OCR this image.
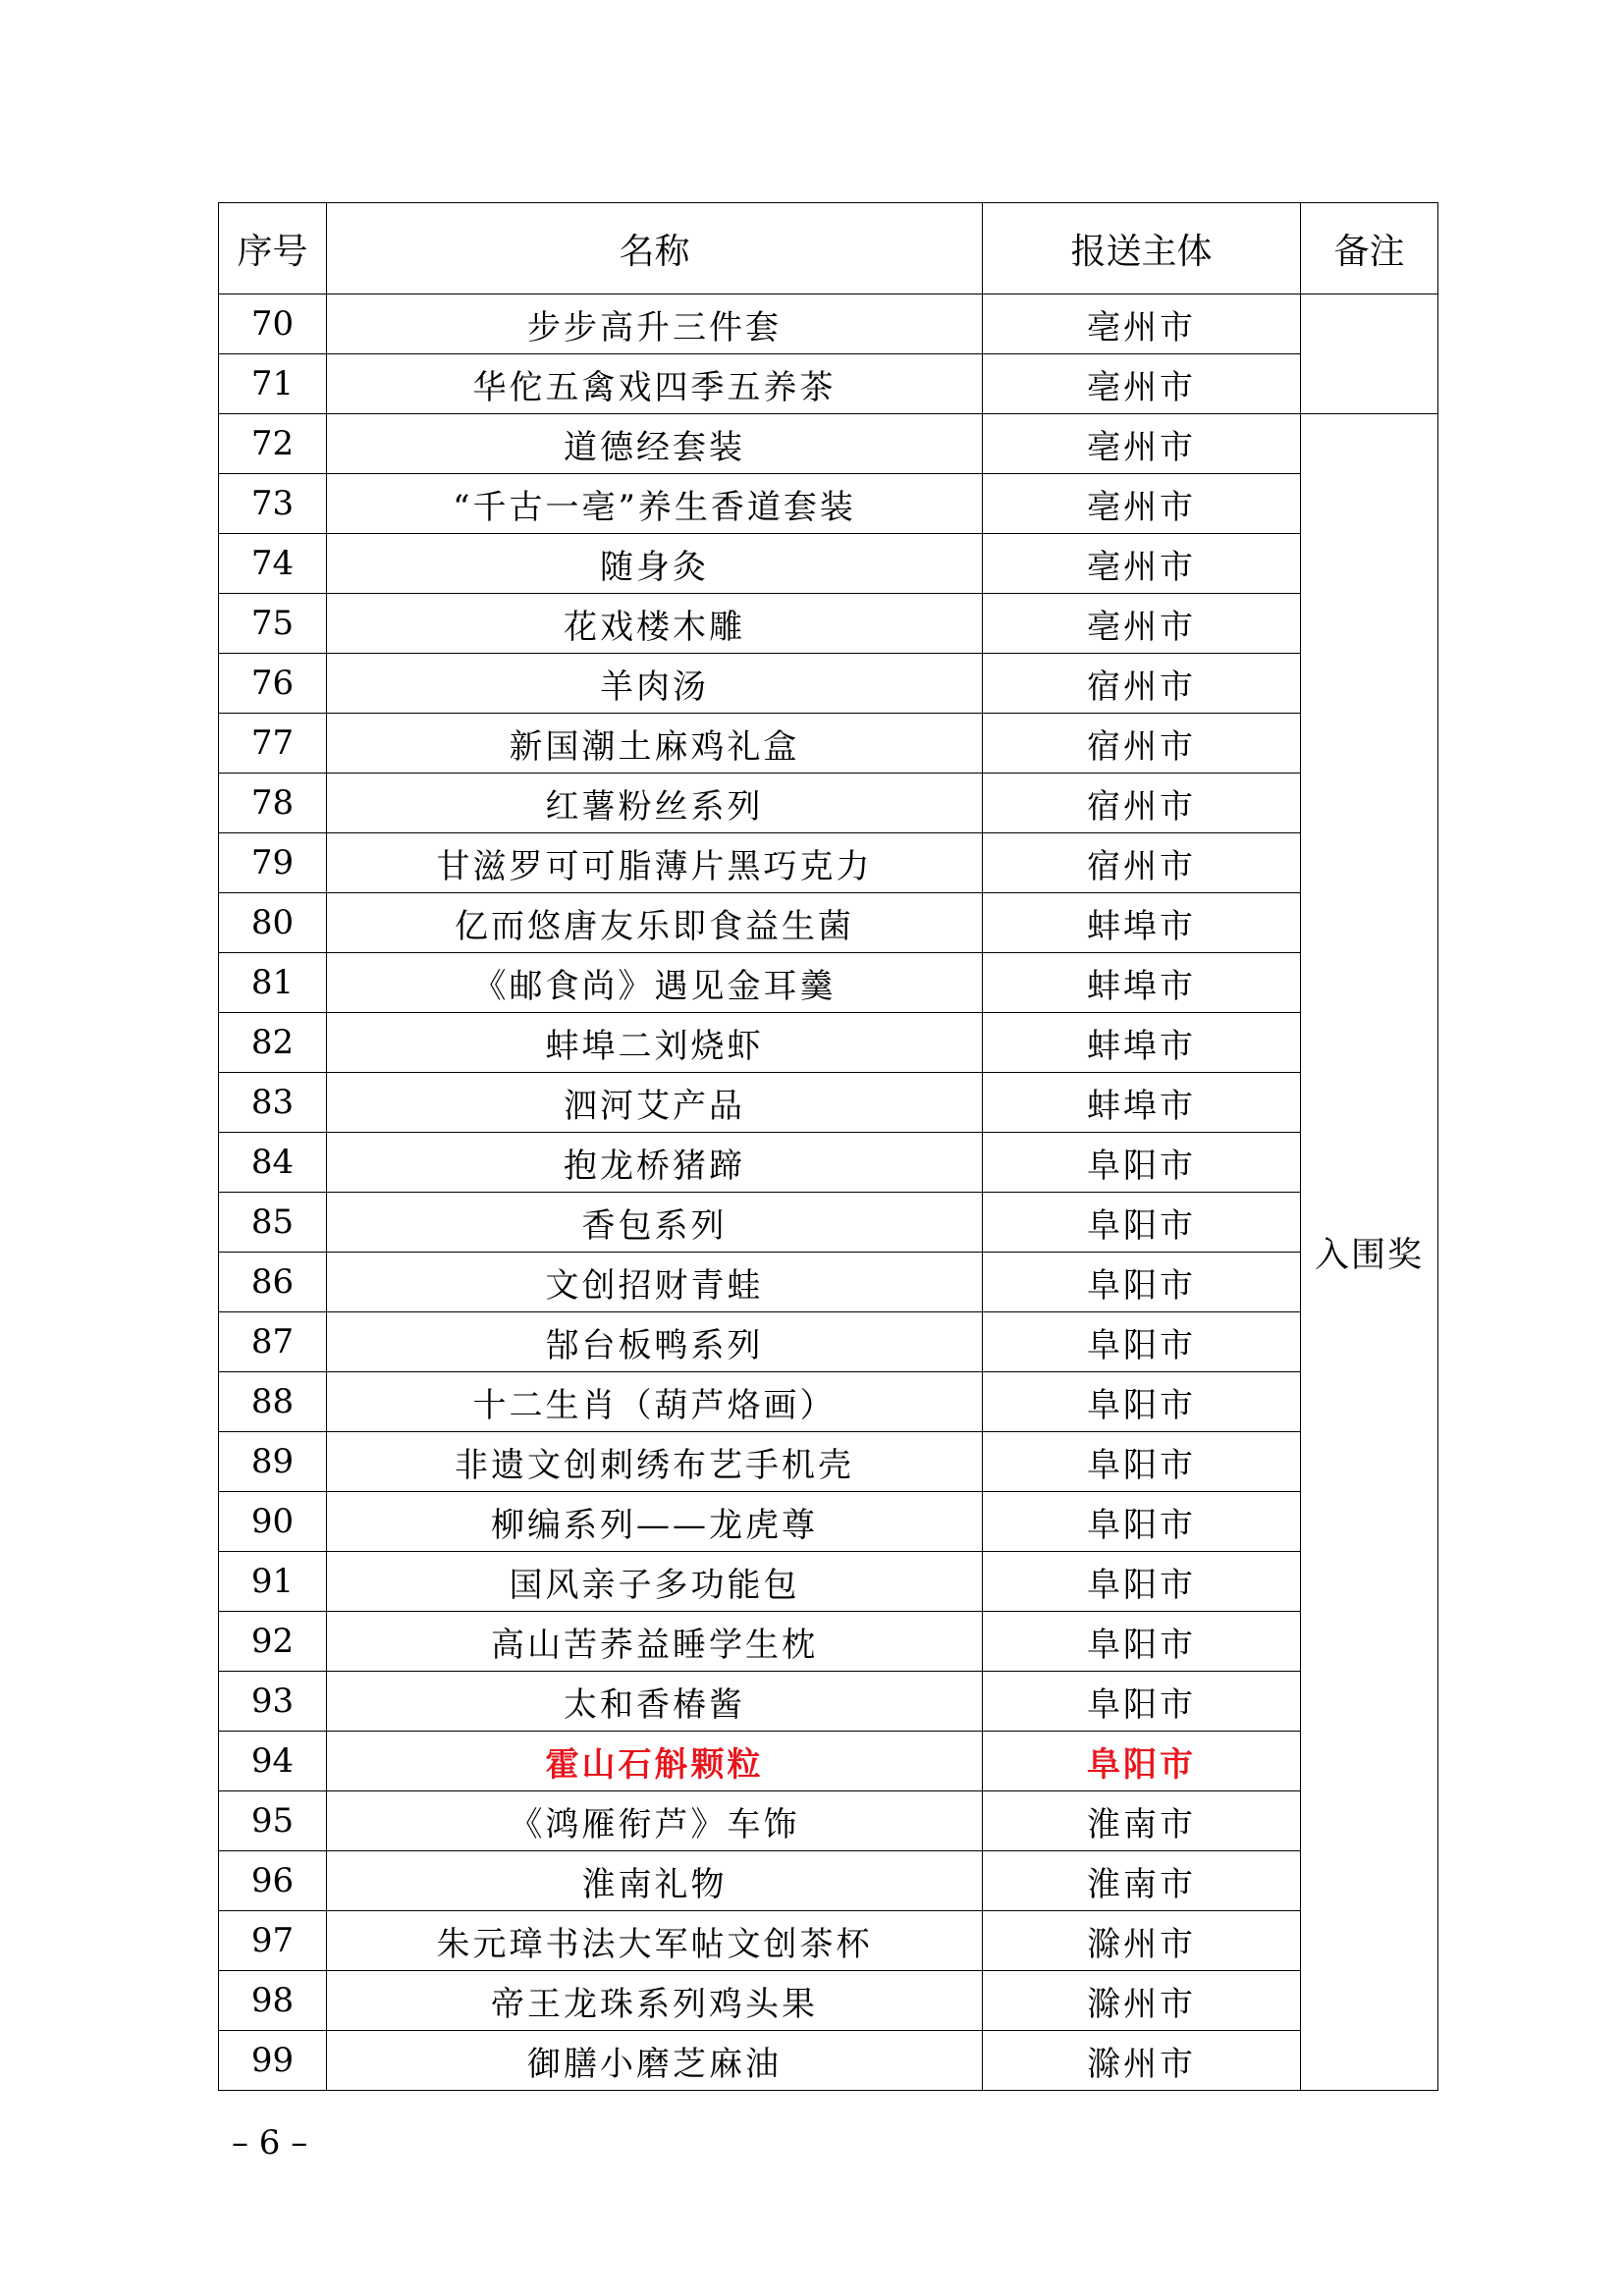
序号	名称	报送主体	备注
70	步步高升三件套	亳州市	
71	华佗五禽戏四季五养茶	亳州市	
72	道德经套装	亳州市	入围奖
73	“千古一亳”养生香道套装	亳州市	
74	随身灸	亳州市	
75	花戏楼木雕	亳州市	
76	羊肉汤	宿州市	
77	新国潮土麻鸡礼盒	宿州市	
78	红薯粉丝系列	宿州市	
79	甘滋罗可可脂薄片黑巧克力	宿州市	
80	亿而悠唐友乐即食益生菌	蚌埠市	
81	《邮食尚》遇见金耳羹	蚌埠市	
82	蚌埠二刘烧虾	蚌埠市	
83	泗河艾产品	蚌埠市	
84	抱龙桥猪蹄	阜阳市	
85	香包系列	阜阳市	
86	文创招财青蛙	阜阳市	
87	郜台板鸭系列	阜阳市	
88	十二生肖（葫芦烙画）	阜阳市	
89	非遗文创刺绣布艺手机壳	阜阳市	
90	柳编系列——龙虎尊	阜阳市	
91	国风亲子多功能包	阜阳市	
92	高山苦荞益睡学生枕	阜阳市	
93	太和香椿酱	阜阳市	
94	霍山石斛颗粒	阜阳市	
95	《鸿雁衔芦》车饰	淮南市	
96	淮南礼物	淮南市	
97	朱元璋书法大军帖文创茶杯	滁州市	
98	帝王龙珠系列鸡头果	滁州市	
99	御膳小磨芝麻油	滁州市	
– 6 –
